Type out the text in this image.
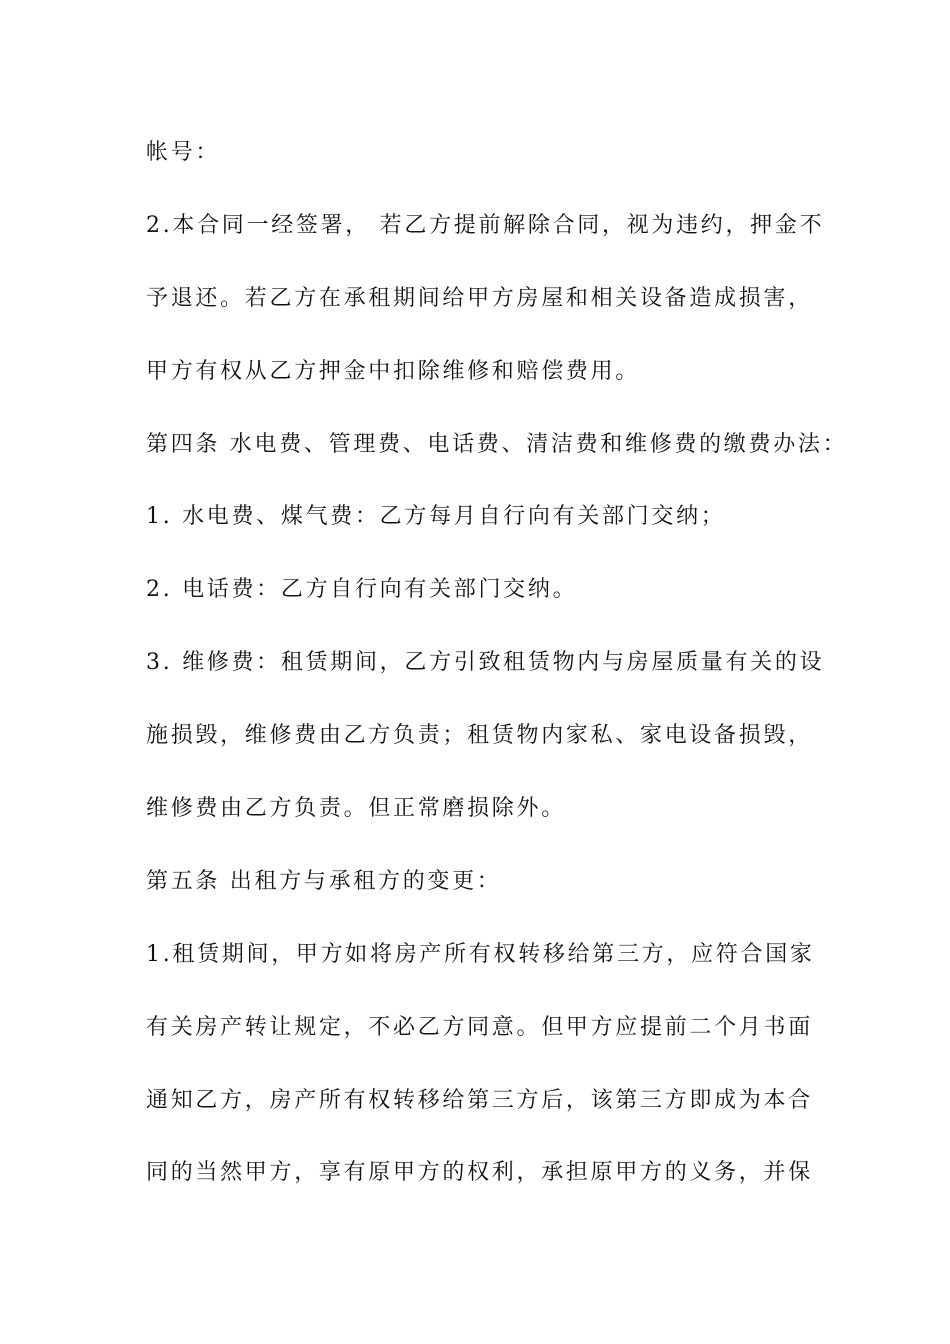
帐号：
2.本合同一经签署， 若乙方提前解除合同，视为违约，押金不
予退还。若乙方在承租期间给甲方房屋和相关设备造成损害，
甲方有权从乙方押金中扣除维修和赔偿费用。
第四条 水电费、管理费、电话费、清洁费和维修费的缴费办法：
1. 水电费、煤气费：乙方每月自行向有关部门交纳；
2. 电话费：乙方自行向有关部门交纳。
3. 维修费：租赁期间，乙方引致租赁物内与房屋质量有关的设
施损毁，维修费由乙方负责；租赁物内家私、家电设备损毁，
维修费由乙方负责。但正常磨损除外。
第五条 出租方与承租方的变更：
1.租赁期间，甲方如将房产所有权转移给第三方，应符合国家
有关房产转让规定，不必乙方同意。但甲方应提前二个月书面
通知乙方，房产所有权转移给第三方后，该第三方即成为本合
同的当然甲方，享有原甲方的权利，承担原甲方的义务，并保
